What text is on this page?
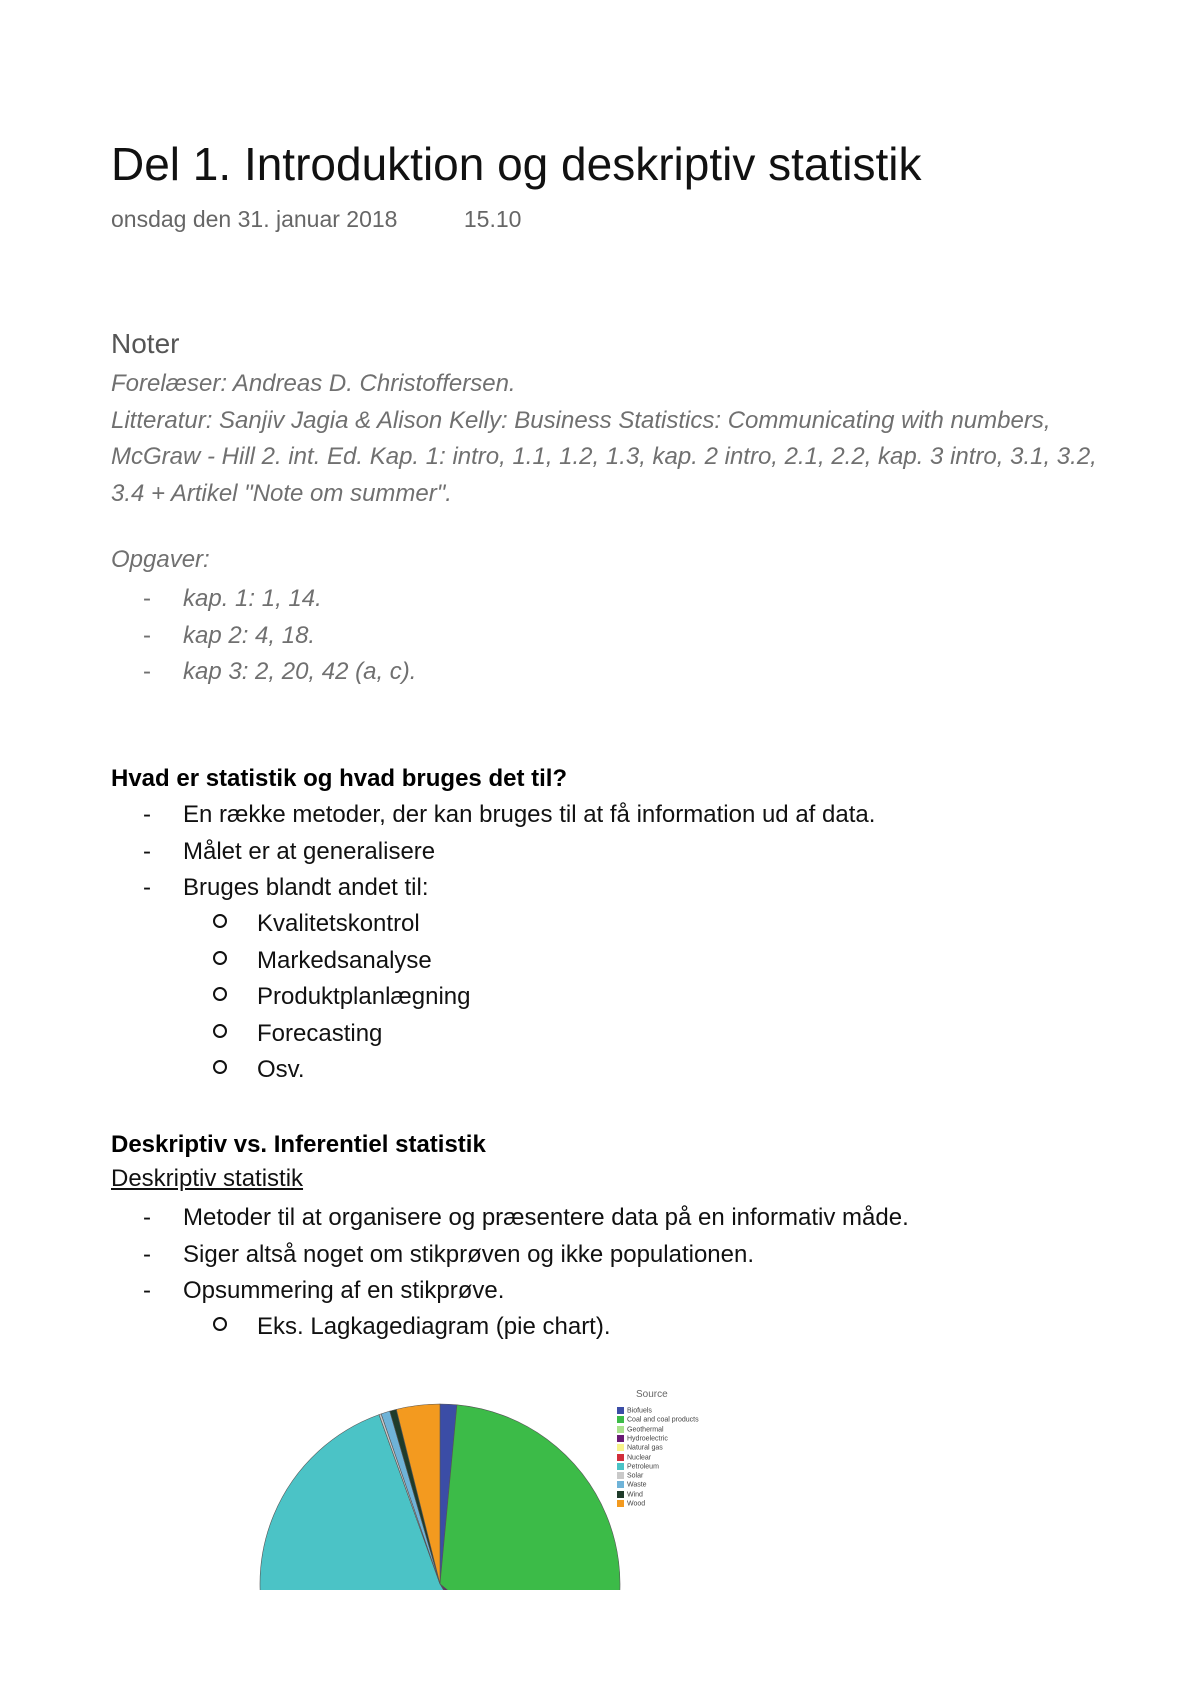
Del 1. Introduktion og deskriptiv statistik
onsdag den 31. januar 2018	15.10
Noter

Forelæser: Andreas D. Christoffersen.

Litteratur: Sanjiv Jagia & Alison Kelly: Business Statistics: Communicating with numbers, McGraw - Hill 2. int. Ed. Kap. 1: intro, 1.1, 1.2, 1.3, kap. 2 intro, 2.1, 2.2, kap. 3 intro, 3.1, 3.2, 3.4 + Artikel "Note om summer".

Opgaver:
- kap. 1: 1, 14.
- kap 2: 4, 18.
- kap 3: 2, 20, 42 (a, c).
Hvad er statistik og hvad bruges det til?
- En række metoder, der kan bruges til at få information ud af data.
- Målet er at generalisere
- Bruges blandt andet til:
Kvalitetskontrol
Markedsanalyse
Produktplanlægning
Forecasting
Osv.
Deskriptiv vs. Inferentiel statistik
Deskriptiv statistik
- Metoder til at organisere og præsentere data på en informativ måde.
- Siger altså noget om stikprøven og ikke populationen.
- Opsummering af en stikprøve.
Eks. Lagkagediagram (pie chart).
Source
Biofuels
Coal and coal products
Geothermal
Hydroelectric
Natural gas
Nuclear
Petroleum
Solar
Waste
Wind
Wood
